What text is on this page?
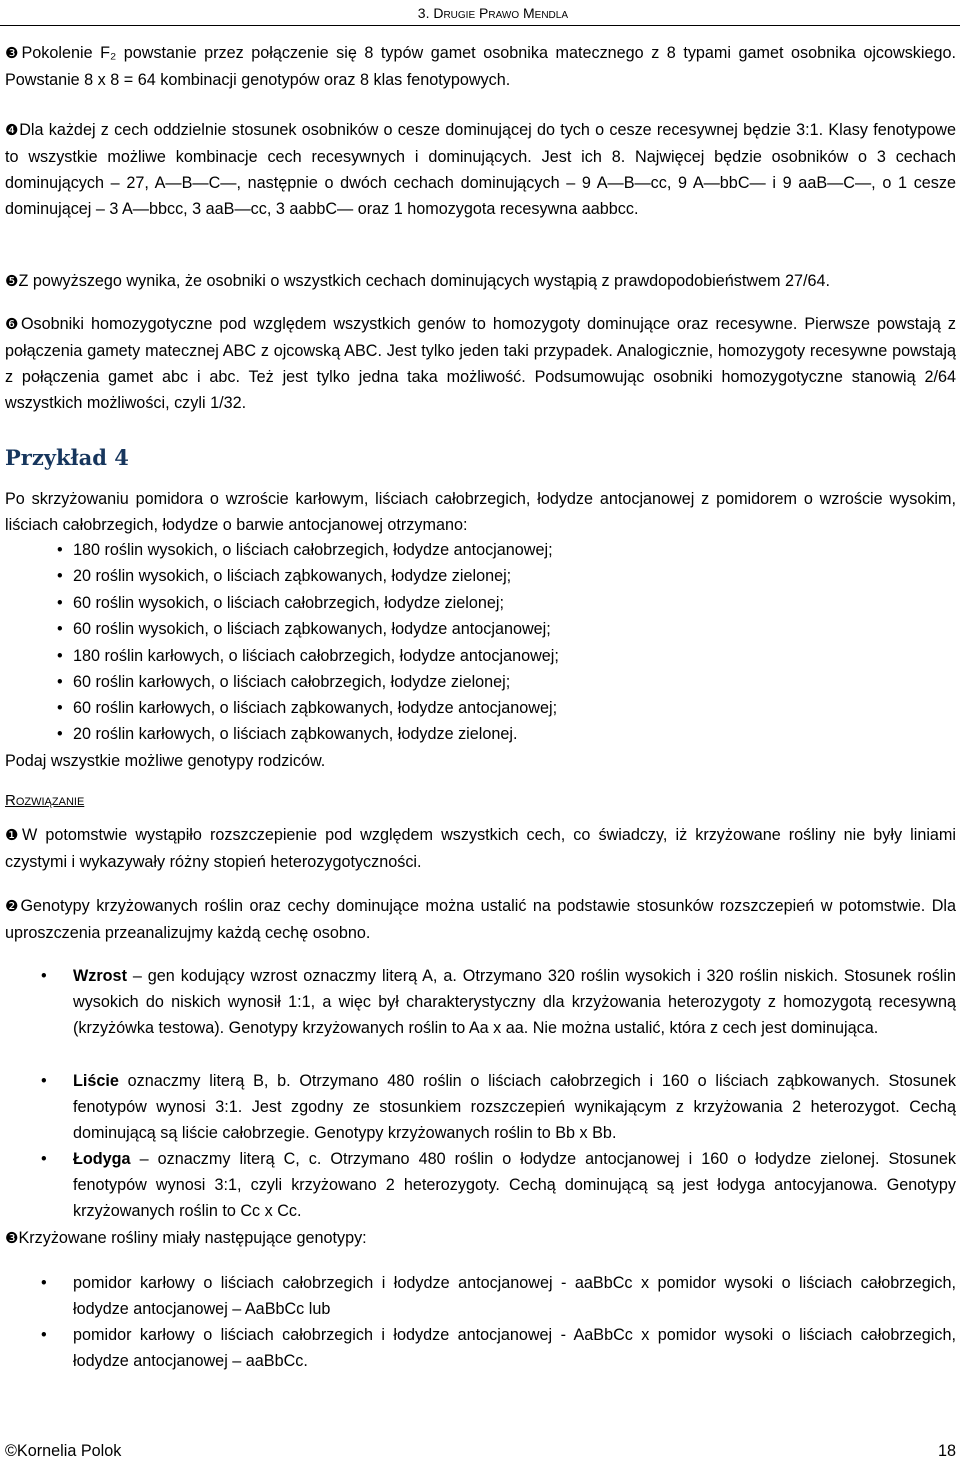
3. Drugie Prawo Mendla
❸Pokolenie F₂ powstanie przez połączenie się 8 typów gamet osobnika matecznego z 8 typami gamet osobnika ojcowskiego. Powstanie 8 x 8 = 64 kombinacji genotypów oraz 8 klas fenotypowych.
❹Dla każdej z cech oddzielnie stosunek osobników o cesze dominującej do tych o cesze recesywnej będzie 3:1. Klasy fenotypowe to wszystkie możliwe kombinacje cech recesywnych i dominujących. Jest ich 8. Najwięcej będzie osobników o 3 cechach dominujących – 27, A—B—C—, następnie o dwóch cechach dominujących – 9 A—B—cc, 9 A—bbC— i 9 aaB—C—, o 1 cesze dominującej – 3 A—bbcc, 3 aaB—cc, 3 aabbC— oraz 1 homozygota recesywna aabbcc.
❺Z powyższego wynika, że osobniki o wszystkich cechach dominujących wystąpią z prawdopodobieństwem 27/64.
❻Osobniki homozygotyczne pod względem wszystkich genów to homozygoty dominujące oraz recesywne. Pierwsze powstają z połączenia gamety matecznej ABC z ojcowską ABC. Jest tylko jeden taki przypadek. Analogicznie, homozygoty recesywne powstają z połączenia gamet abc i abc. Też jest tylko jedna taka możliwość. Podsumowując osobniki homozygotyczne stanowią 2/64 wszystkich możliwości, czyli 1/32.
Przykład 4
Po skrzyżowaniu pomidora o wzroście karłowym, liściach całobrzegich, łodydze antocjanowej z pomidorem o wzroście wysokim, liściach całobrzegich, łodydze o barwie antocjanowej otrzymano:
• 180 roślin wysokich, o liściach całobrzegich, łodydze antocjanowej;
• 20 roślin wysokich, o liściach ząbkowanych, łodydze zielonej;
• 60 roślin wysokich, o liściach całobrzegich, łodydze zielonej;
• 60 roślin wysokich, o liściach ząbkowanych, łodydze antocjanowej;
• 180 roślin karłowych, o liściach całobrzegich, łodydze antocjanowej;
• 60 roślin karłowych, o liściach całobrzegich, łodydze zielonej;
• 60 roślin karłowych, o liściach ząbkowanych, łodydze antocjanowej;
• 20 roślin karłowych, o liściach ząbkowanych, łodydze zielonej.
Podaj wszystkie możliwe genotypy rodziców.
Rozwiązanie
❶W potomstwie wystąpiło rozszczepienie pod względem wszystkich cech, co świadczy, iż krzyżowane rośliny nie były liniami czystymi i wykazywały różny stopień heterozygotyczności.
❷Genotypy krzyżowanych roślin oraz cechy dominujące można ustalić na podstawie stosunków rozszczepień w potomstwie. Dla uproszczenia przeanalizujmy każdą cechę osobno.
• Wzrost – gen kodujący wzrost oznaczmy literą A, a. Otrzymano 320 roślin wysokich i 320 roślin niskich. Stosunek roślin wysokich do niskich wynosił 1:1, a więc był charakterystyczny dla krzyżowania heterozygoty z homozygotą recesywną (krzyżówka testowa). Genotypy krzyżowanych roślin to Aa x aa. Nie można ustalić, która z cech jest dominująca.
• Liście oznaczmy literą B, b. Otrzymano 480 roślin o liściach całobrzegich i 160 o liściach ząbkowanych. Stosunek fenotypów wynosi 3:1. Jest zgodny ze stosunkiem rozszczepień wynikającym z krzyżowania 2 heterozygot. Cechą dominującą są liście całobrzegie. Genotypy krzyżowanych roślin to Bb x Bb.
• Łodyga – oznaczmy literą C, c. Otrzymano 480 roślin o łodydze antocjanowej i 160 o łodydze zielonej. Stosunek fenotypów wynosi 3:1, czyli krzyżowano 2 heterozygoty. Cechą dominującą są jest łodyga antocyjanowa. Genotypy krzyżowanych roślin to Cc x Cc.
❸Krzyżowane rośliny miały następujące genotypy:
• pomidor karłowy o liściach całobrzegich i łodydze antocjanowej - aaBbCc x pomidor wysoki o liściach całobrzegich, łodydze antocjanowej – AaBbCc lub
• pomidor karłowy o liściach całobrzegich i łodydze antocjanowej - AaBbCc x pomidor wysoki o liściach całobrzegich, łodydze antocjanowej – aaBbCc.
©Kornelia Polok	18
